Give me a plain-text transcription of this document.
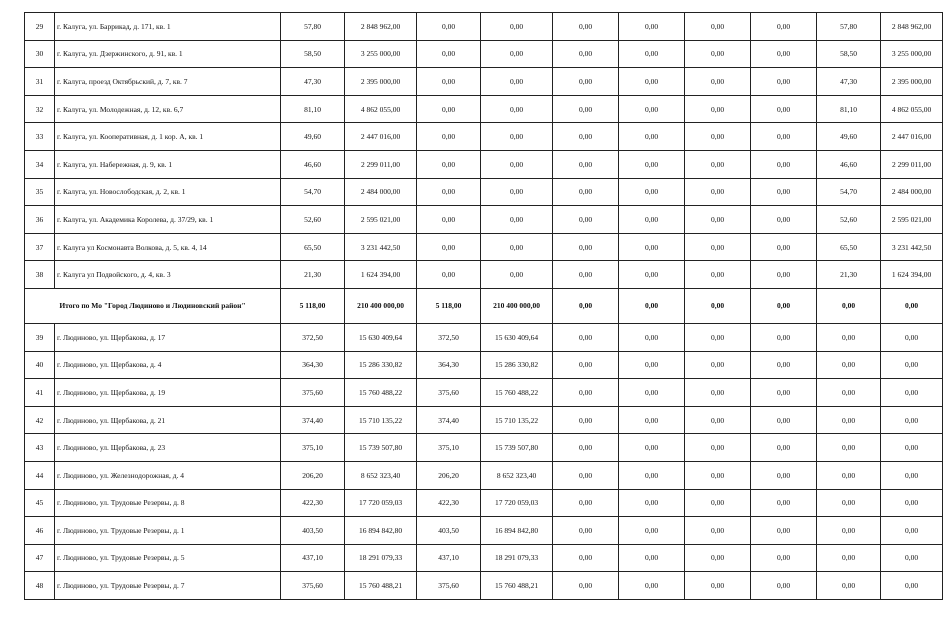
29	г. Калуга, ул. Баррикад, д. 171, кв. 1	57,80	2 848 962,00	0,00	0,00	0,00	0,00	0,00	0,00	57,80	2 848 962,00
30	г. Калуга, ул. Дзержинского, д. 91, кв. 1	58,50	3 255 000,00	0,00	0,00	0,00	0,00	0,00	0,00	58,50	3 255 000,00
31	г. Калуга, проезд Октябрьский, д. 7, кв. 7	47,30	2 395 000,00	0,00	0,00	0,00	0,00	0,00	0,00	47,30	2 395 000,00
32	г. Калуга, ул. Молодежная, д. 12, кв. 6,7	81,10	4 862 055,00	0,00	0,00	0,00	0,00	0,00	0,00	81,10	4 862 055,00
33	г. Калуга, ул. Кооперативная, д. 1 кор. А, кв. 1	49,60	2 447 016,00	0,00	0,00	0,00	0,00	0,00	0,00	49,60	2 447 016,00
34	г. Калуга, ул. Набережная, д. 9, кв. 1	46,60	2 299 011,00	0,00	0,00	0,00	0,00	0,00	0,00	46,60	2 299 011,00
35	г. Калуга, ул. Новослободская, д. 2, кв. 1	54,70	2 484 000,00	0,00	0,00	0,00	0,00	0,00	0,00	54,70	2 484 000,00
36	г. Калуга, ул. Академика Королева, д. 37/29, кв. 1	52,60	2 595 021,00	0,00	0,00	0,00	0,00	0,00	0,00	52,60	2 595 021,00
37	г. Калуга ул Космонавта Волкова, д. 5, кв. 4, 14	65,50	3 231 442,50	0,00	0,00	0,00	0,00	0,00	0,00	65,50	3 231 442,50
38	г. Калуга ул Подвойского, д. 4, кв. 3	21,30	1 624 394,00	0,00	0,00	0,00	0,00	0,00	0,00	21,30	1 624 394,00
Итого по Мо "Город Людиново и Людиновский район"		5 118,00	210 400 000,00	5 118,00	210 400 000,00	0,00	0,00	0,00	0,00	0,00	0,00
39	г. Людиново, ул. Щербакова, д. 17	372,50	15 630 409,64	372,50	15 630 409,64	0,00	0,00	0,00	0,00	0,00	0,00
40	г. Людиново, ул. Щербакова, д. 4	364,30	15 286 330,82	364,30	15 286 330,82	0,00	0,00	0,00	0,00	0,00	0,00
41	г. Людиново, ул. Щербакова, д. 19	375,60	15 760 488,22	375,60	15 760 488,22	0,00	0,00	0,00	0,00	0,00	0,00
42	г. Людиново, ул. Щербакова, д. 21	374,40	15 710 135,22	374,40	15 710 135,22	0,00	0,00	0,00	0,00	0,00	0,00
43	г. Людиново, ул. Щербакова, д. 23	375,10	15 739 507,80	375,10	15 739 507,80	0,00	0,00	0,00	0,00	0,00	0,00
44	г. Людиново, ул. Железнодорожная, д. 4	206,20	8 652 323,40	206,20	8 652 323,40	0,00	0,00	0,00	0,00	0,00	0,00
45	г. Людиново, ул. Трудовые Резервы, д. 8	422,30	17 720 059,03	422,30	17 720 059,03	0,00	0,00	0,00	0,00	0,00	0,00
46	г. Людиново, ул. Трудовые Резервы, д. 1	403,50	16 894 842,80	403,50	16 894 842,80	0,00	0,00	0,00	0,00	0,00	0,00
47	г. Людиново, ул. Трудовые Резервы, д. 5	437,10	18 291 079,33	437,10	18 291 079,33	0,00	0,00	0,00	0,00	0,00	0,00
48	г. Людиново, ул. Трудовые Резервы, д. 7	375,60	15 760 488,21	375,60	15 760 488,21	0,00	0,00	0,00	0,00	0,00	0,00
